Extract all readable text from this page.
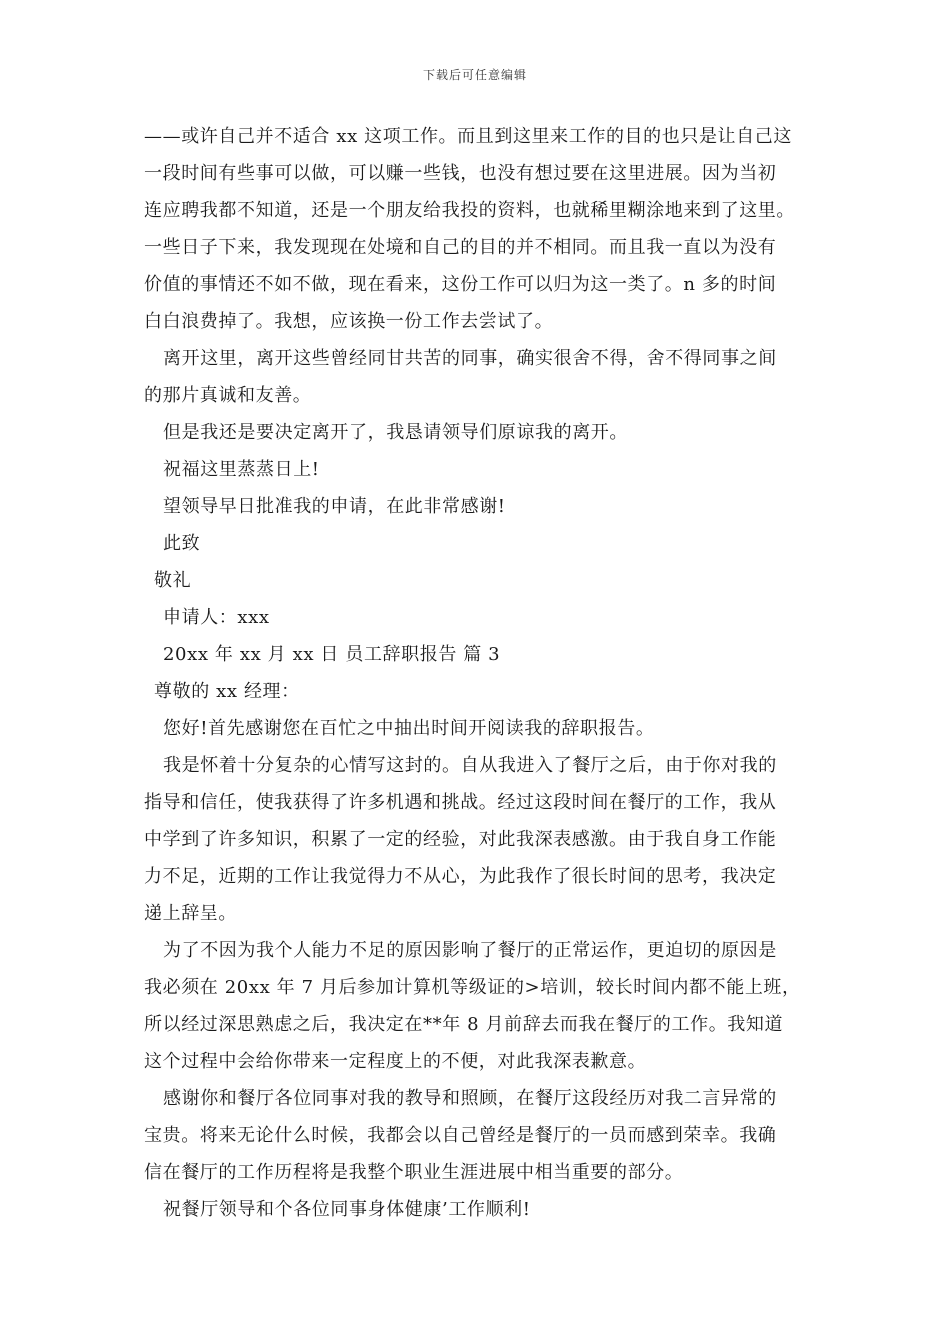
下载后可任意编辑
——或许自己并不适合 xx 这项工作。而且到这里来工作的目的也只是让自己这
一段时间有些事可以做，可以赚一些钱，也没有想过要在这里进展。因为当初
连应聘我都不知道，还是一个朋友给我投的资料，也就稀里糊涂地来到了这里。
一些日子下来，我发现现在处境和自己的目的并不相同。而且我一直以为没有
价值的事情还不如不做，现在看来，这份工作可以归为这一类了。n 多的时间
白白浪费掉了。我想，应该换一份工作去尝试了。
离开这里，离开这些曾经同甘共苦的同事，确实很舍不得，舍不得同事之间
的那片真诚和友善。
但是我还是要决定离开了，我恳请领导们原谅我的离开。
祝福这里蒸蒸日上!
望领导早日批准我的申请，在此非常感谢!
此致
敬礼
申请人：xxx
20xx 年 xx 月 xx 日 员工辞职报告 篇 3
尊敬的 xx 经理：
您好!首先感谢您在百忙之中抽出时间开阅读我的辞职报告。
我是怀着十分复杂的心情写这封的。自从我进入了餐厅之后，由于你对我的
指导和信任，使我获得了许多机遇和挑战。经过这段时间在餐厅的工作，我从
中学到了许多知识，积累了一定的经验，对此我深表感激。由于我自身工作能
力不足，近期的工作让我觉得力不从心，为此我作了很长时间的思考，我决定
递上辞呈。
为了不因为我个人能力不足的原因影响了餐厅的正常运作，更迫切的原因是
我必须在 20xx 年 7 月后参加计算机等级证的>培训，较长时间内都不能上班，
所以经过深思熟虑之后，我决定在**年 8 月前辞去而我在餐厅的工作。我知道
这个过程中会给你带来一定程度上的不便，对此我深表歉意。
感谢你和餐厅各位同事对我的教导和照顾，在餐厅这段经历对我二言异常的
宝贵。将来无论什么时候，我都会以自己曾经是餐厅的一员而感到荣幸。我确
信在餐厅的工作历程将是我整个职业生涯进展中相当重要的部分。
祝餐厅领导和个各位同事身体健康’工作顺利!
